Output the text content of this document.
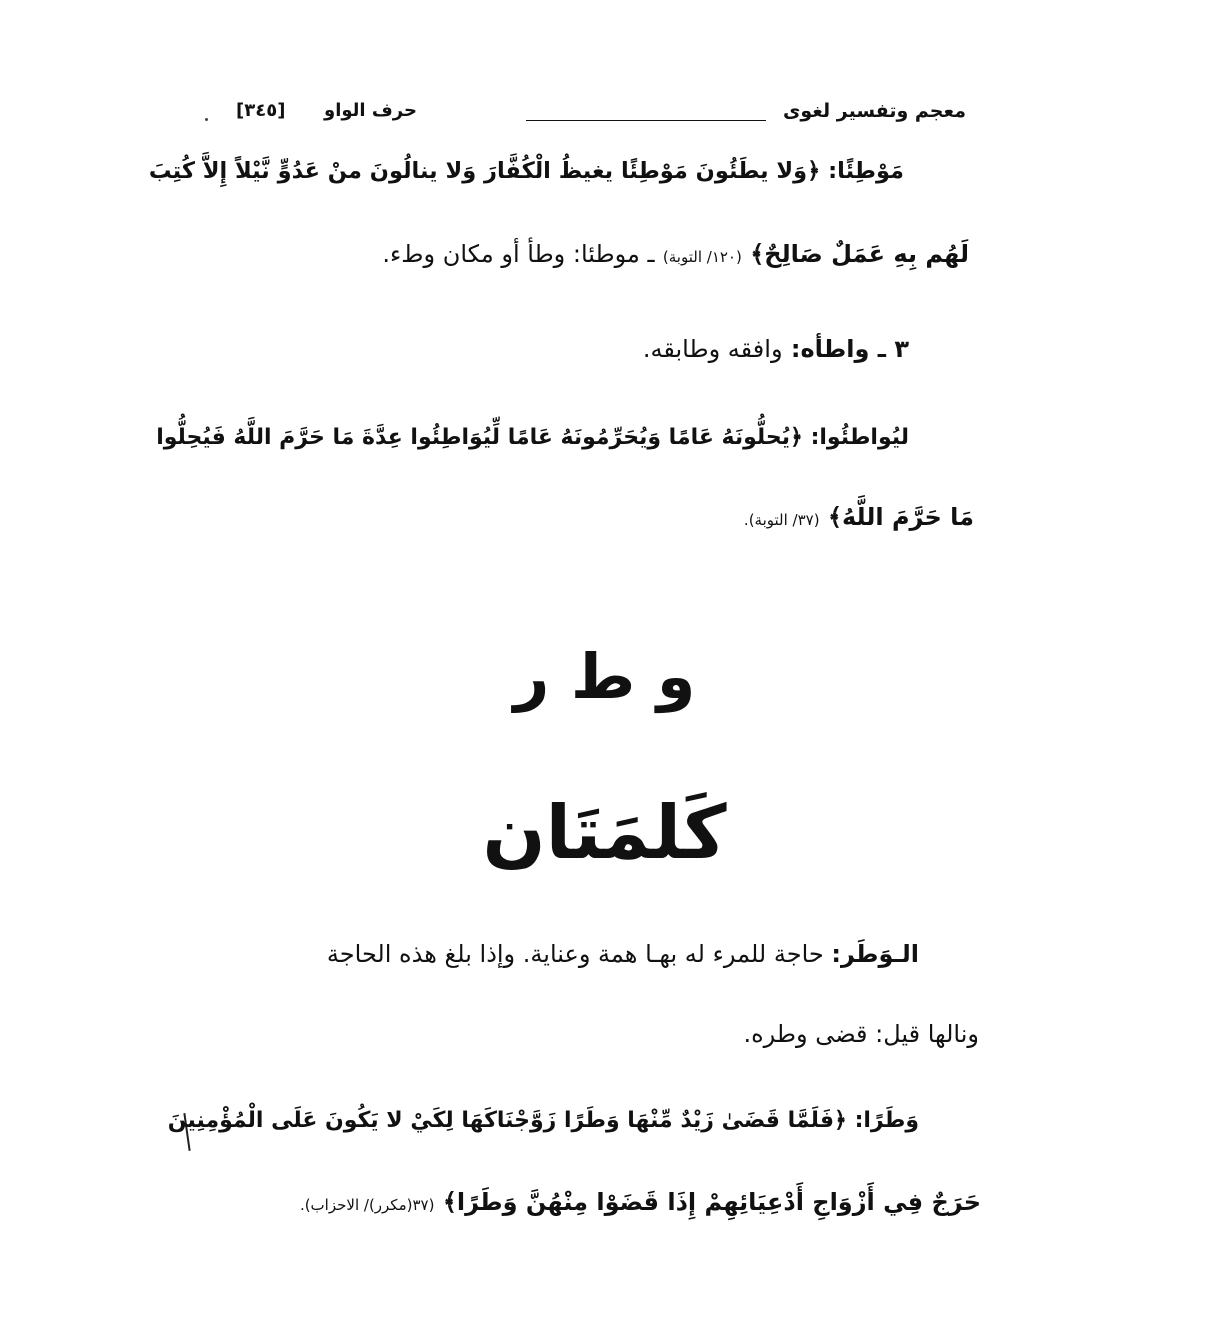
معجم وتفسير لغوى
حرف الواو
[٣٤٥]
مَوْطِئًا: ﴿وَلا يطَئُونَ مَوْطِئًا يغيظُ الْكُفَّارَ وَلا ينالُونَ منْ عَدُوٍّ نَّيْلاً إِلاَّ كُتِبَ
لَهُم بِهِ عَمَلٌ صَالِحٌ﴾ (١٢٠/ التوبة) ـ موطئا: وطأ أو مكان وطء.
٣ ـ واطأه: وافقه وطابقه.
ليُواطئُوا: ﴿يُحلُّونَهُ عَامًا وَيُحَرِّمُونَهُ عَامًا لِّيُوَاطِئُوا عِدَّةَ مَا حَرَّمَ اللَّهُ فَيُحِلُّوا
مَا حَرَّمَ اللَّهُ﴾ (٣٧/ التوبة).
و ط ر
كَلمَتَان
الـوَطَر: حاجة للمرء له بهـا همة وعناية. وإذا بلغ هذه الحاجة
ونالها قيل: قضى وطره.
وَطَرًا: ﴿فَلَمَّا قَضَىٰ زَيْدٌ مِّنْهَا وَطَرًا زَوَّجْنَاكَهَا لِكَيْ لا يَكُونَ عَلَى الْمُؤْمِنِينَ
حَرَجٌ فِي أَزْوَاجِ أَدْعِيَائِهِمْ إِذَا قَضَوْا مِنْهُنَّ وَطَرًا﴾ (٣٧(مكرر)/ الاحزاب).
